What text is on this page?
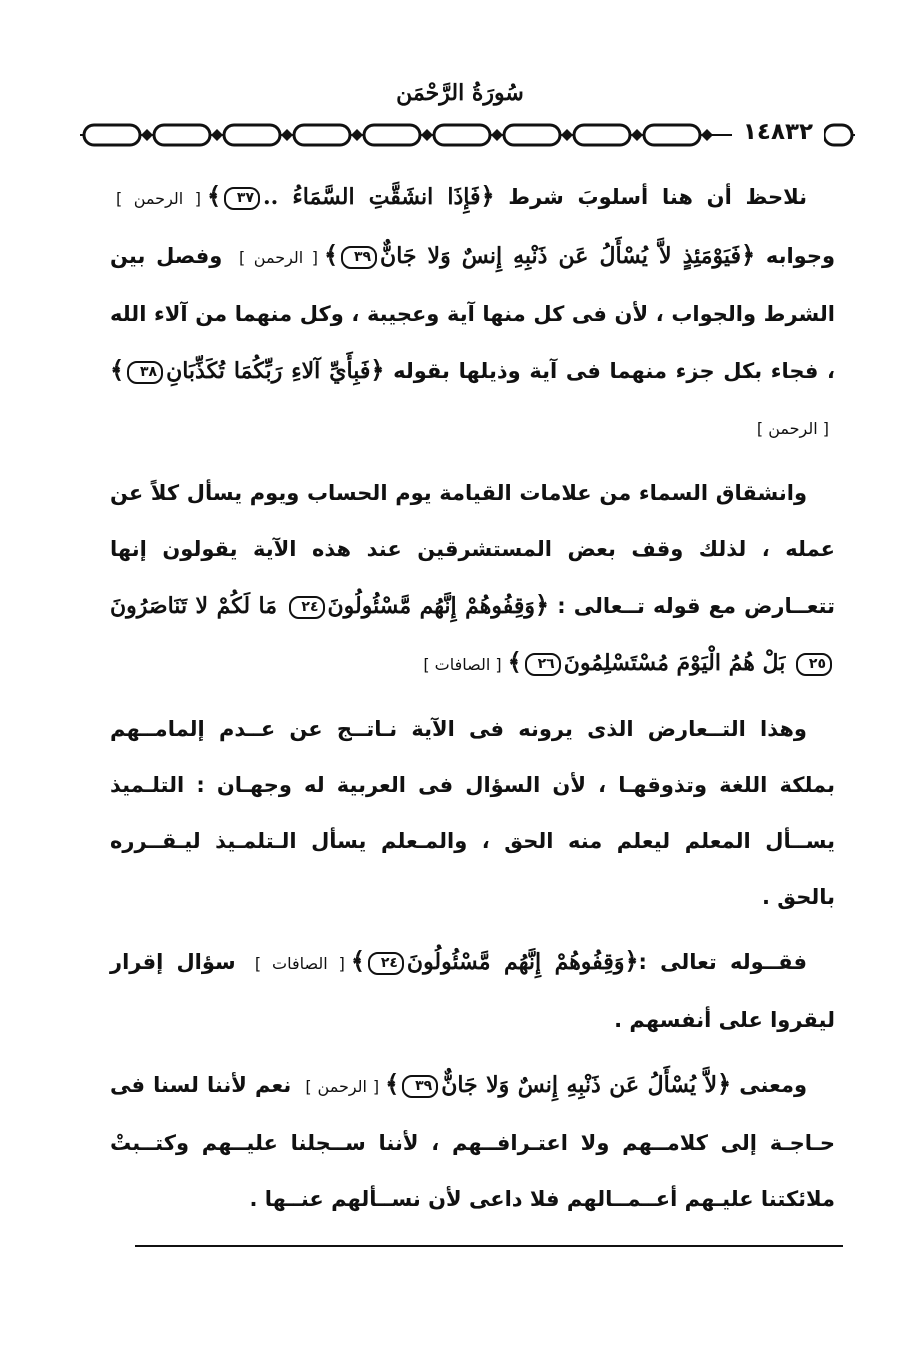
سُورَةُ الرَّحْمَن
١٤٨٣٢

نلاحظ أن هنا أسلوبَ شرط ﴿فَإِذَا انشَقَّتِ السَّمَاءُ ..٣٧﴾[ الرحمن ] وجوابه ﴿فَيَوْمَئِذٍ لاَّ يُسْأَلُ عَن ذَنْبِهِ إِنسٌ وَلا جَانٌّ٣٩﴾[ الرحمن ] وفصل بين الشرط والجواب ، لأن فى كل منها آية وعجيبة ، وكل منهما من آلاء الله ، فجاء بكل جزء منهما فى آية وذيلها بقوله ﴿فَبِأَيِّ آلاءِ رَبِّكُمَا تُكَذِّبَانِ٣٨﴾[ الرحمن ]

وانشقاق السماء من علامات القيامة يوم الحساب ويوم يسأل كلاً عن عمله ، لذلك وقف بعض المستشرقين عند هذه الآية يقولون إنها تتعــارض مع قوله تــعالى : ﴿وَقِفُوهُمْ إِنَّهُم مَّسْئُولُونَ٢٤ مَا لَكُمْ لا تَنَاصَرُونَ٢٥ بَلْ هُمُ الْيَوْمَ مُسْتَسْلِمُونَ٢٦﴾[ الصافات ]

وهذا التــعارض الذى يرونه فى الآية نـاتــج عن عــدم إلمامــهم بملكة اللغة وتذوقهـا ، لأن السؤال فى العربية له وجهـان : التلـميذ يســأل المعلم ليعلم منه الحق ، والمـعلم يسأل الـتلمـيذ ليـقــرره بالحق .

فقــوله تعالى :﴿وَقِفُوهُمْ إِنَّهُم مَّسْئُولُونَ٢٤﴾[ الصافات ] سؤال إقرار ليقروا على أنفسهم .

ومعنى ﴿لاَّ يُسْأَلُ عَن ذَنْبِهِ إِنسٌ وَلا جَانٌّ٣٩﴾[ الرحمن ] نعم لأننا لسنا فى حـاجـة إلى كلامــهم ولا اعتـرافــهم ، لأننا ســجلنا عليــهم وكتــبتْ ملائكتنا عليـهم أعــمــالهم فلا داعى لأن نســألهم عنــها .
